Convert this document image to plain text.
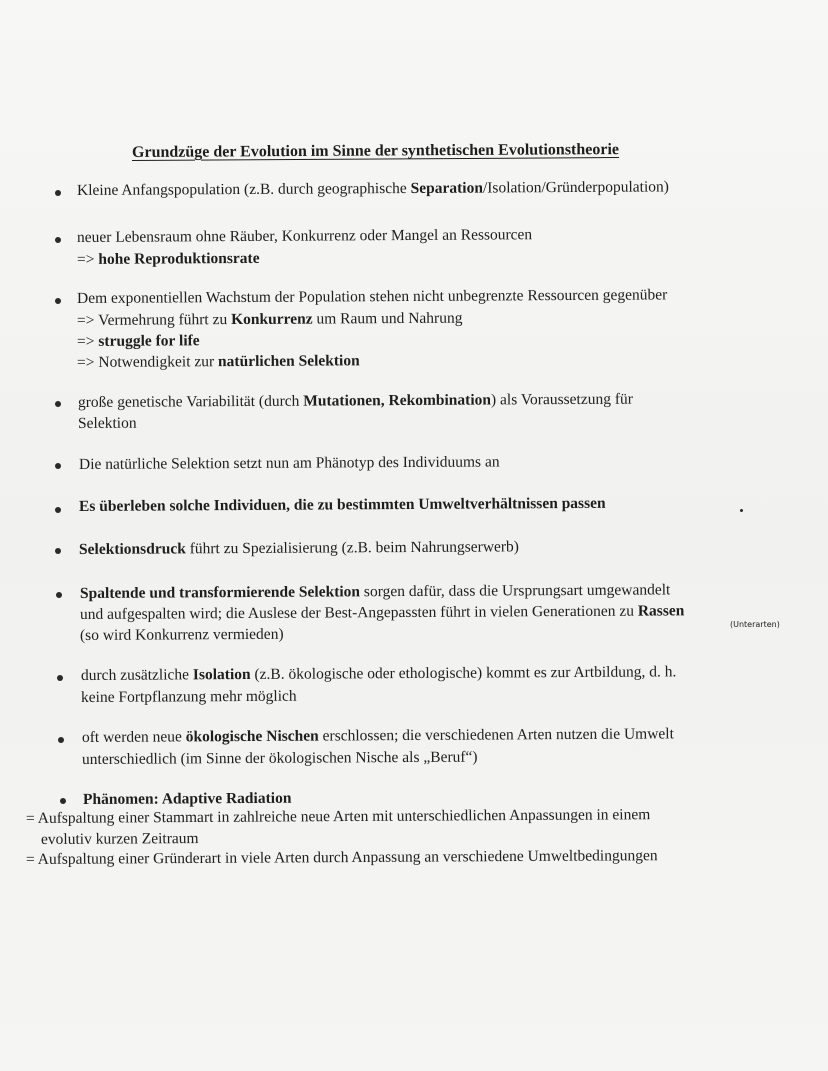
Grundzüge der Evolution im Sinne der synthetischen Evolutionstheorie
Kleine Anfangspopulation (z.B. durch geographische Separation/Isolation/Gründerpopulation)
neuer Lebensraum ohne Räuber, Konkurrenz oder Mangel an Ressourcen
=> hohe Reproduktionsrate
Dem exponentiellen Wachstum der Population stehen nicht unbegrenzte Ressourcen gegenüber
=> Vermehrung führt zu Konkurrenz um Raum und Nahrung
=> struggle for life
=> Notwendigkeit zur natürlichen Selektion
große genetische Variabilität (durch Mutationen, Rekombination) als Voraussetzung für
Selektion
Die natürliche Selektion setzt nun am Phänotyp des Individuums an
Es überleben solche Individuen, die zu bestimmten Umweltverhältnissen passen
Selektionsdruck führt zu Spezialisierung (z.B. beim Nahrungserwerb)
Spaltende und transformierende Selektion sorgen dafür, dass die Ursprungsart umgewandelt
und aufgespalten wird; die Auslese der Best-Angepassten führt in vielen Generationen zu Rassen
(Unterarten)
(so wird Konkurrenz vermieden)
durch zusätzliche Isolation (z.B. ökologische oder ethologische) kommt es zur Artbildung, d. h.
keine Fortpflanzung mehr möglich
oft werden neue ökologische Nischen erschlossen; die verschiedenen Arten nutzen die Umwelt
unterschiedlich (im Sinne der ökologischen Nische als „Beruf“)
Phänomen: Adaptive Radiation
= Aufspaltung einer Stammart in zahlreiche neue Arten mit unterschiedlichen Anpassungen in einem
evolutiv kurzen Zeitraum
= Aufspaltung einer Gründerart in viele Arten durch Anpassung an verschiedene Umweltbedingungen
